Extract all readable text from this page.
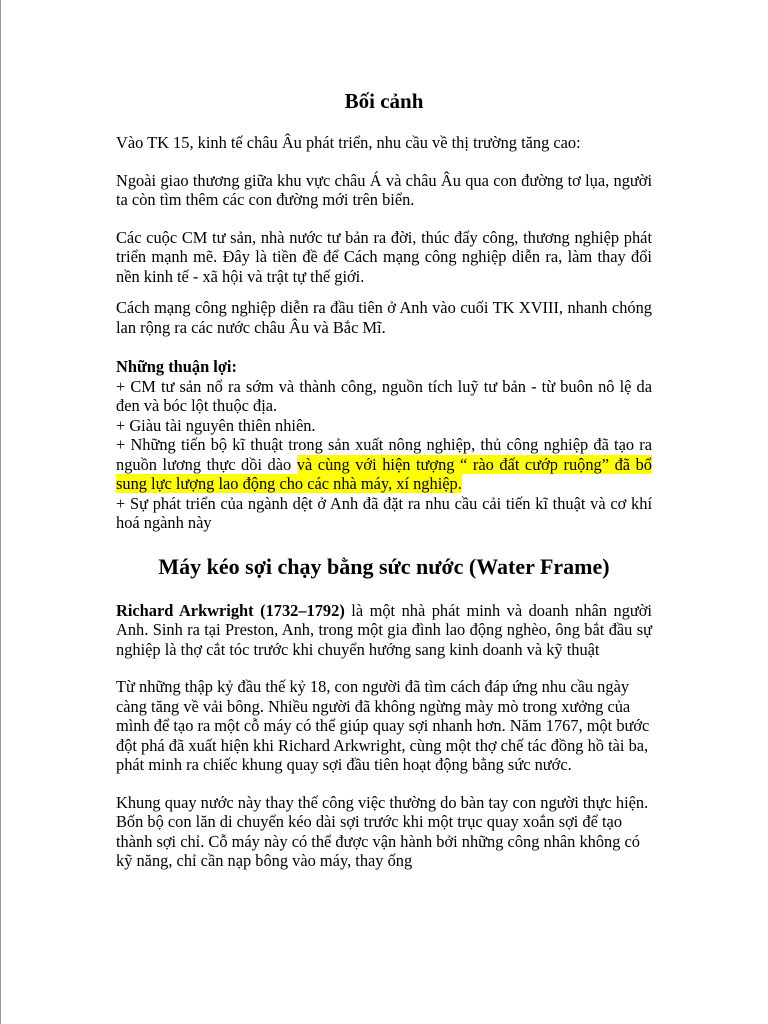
Bối cảnh

Vào TK 15, kinh tế châu Âu phát triển, nhu cầu về thị trường tăng cao:

Ngoài giao thương giữa khu vực châu Á và châu Âu qua con đường tơ lụa, người ta còn tìm thêm các con đường mới trên biển.

Các cuộc CM tư sản, nhà nước tư bản ra đời, thúc đẩy công, thương nghiệp phát triển mạnh mẽ. Đây là tiền đề để Cách mạng công nghiệp diễn ra, làm thay đổi nền kinh tế - xã hội và trật tự thế giới.

Cách mạng công nghiệp diễn ra đầu tiên ở Anh vào cuối TK XVIII, nhanh chóng lan rộng ra các nước châu Âu và Bắc Mĩ.

Những thuận lợi:

+ CM tư sản nổ ra sớm và thành công, nguồn tích luỹ tư bản - từ buôn nô lệ da đen và bóc lột thuộc địa.

+ Giàu tài nguyên thiên nhiên.

+ Những tiến bộ kĩ thuật trong sản xuất nông nghiệp, thủ công nghiệp đã tạo ra nguồn lương thực dồi dào và cùng với hiện tượng “ rào đất cướp ruộng” đã bổ sung lực lượng lao động cho các nhà máy, xí nghiệp.

+ Sự phát triển của ngành dệt ở Anh đã đặt ra nhu cầu cải tiến kĩ thuật và cơ khí hoá ngành này

Máy kéo sợi chạy bằng sức nước (Water Frame)

Richard Arkwright (1732–1792) là một nhà phát minh và doanh nhân người Anh. Sinh ra tại Preston, Anh, trong một gia đình lao động nghèo, ông bắt đầu sự nghiệp là thợ cắt tóc trước khi chuyển hướng sang kinh doanh và kỹ thuật

Từ những thập kỷ đầu thế kỷ 18, con người đã tìm cách đáp ứng nhu cầu ngày càng tăng về vải bông. Nhiều người đã không ngừng mày mò trong xưởng của mình để tạo ra một cỗ máy có thể giúp quay sợi nhanh hơn. Năm 1767, một bước đột phá đã xuất hiện khi Richard Arkwright, cùng một thợ chế tác đồng hồ tài ba, phát minh ra chiếc khung quay sợi đầu tiên hoạt động bằng sức nước.

Khung quay nước này thay thế công việc thường do bàn tay con người thực hiện. Bốn bộ con lăn di chuyển kéo dài sợi trước khi một trục quay xoắn sợi để tạo thành sợi chỉ. Cỗ máy này có thể được vận hành bởi những công nhân không có kỹ năng, chỉ cần nạp bông vào máy, thay ống
